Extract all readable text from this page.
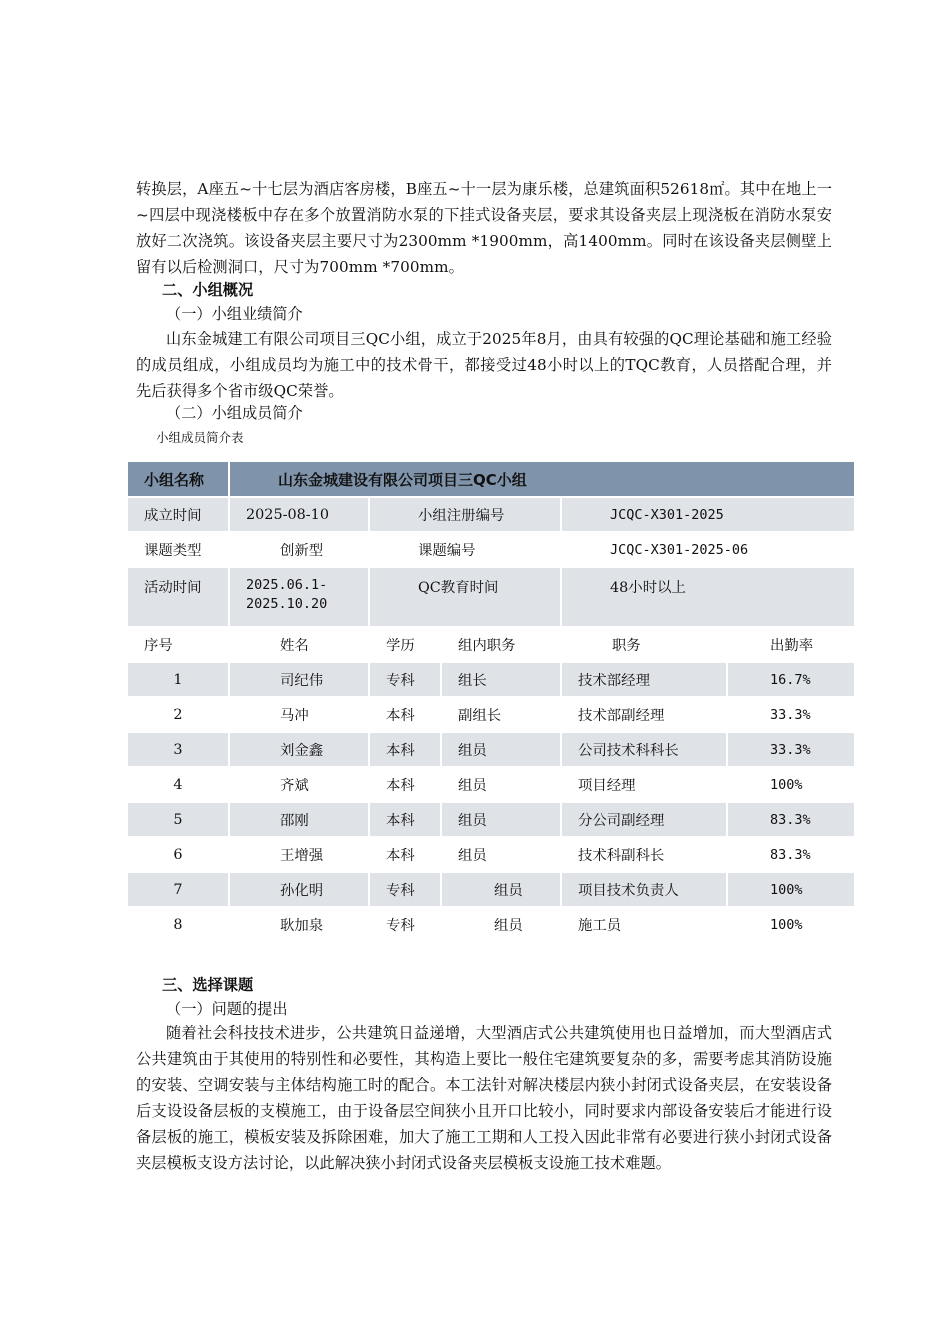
转换层，A座五~十七层为酒店客房楼，B座五~十一层为康乐楼，总建筑面积52618㎡。其中在地上一~四层中现浇楼板中存在多个放置消防水泵的下挂式设备夹层，要求其设备夹层上现浇板在消防水泵安放好二次浇筑。该设备夹层主要尺寸为2300mm *1900mm，高1400mm。同时在该设备夹层侧壁上留有以后检测洞口，尺寸为700mm *700mm。

二、小组概况
（一）小组业绩简介

山东金城建工有限公司项目三QC小组，成立于2025年8月，由具有较强的QC理论基础和施工经验的成员组成，小组成员均为施工中的技术骨干，都接受过48小时以上的TQC教育，人员搭配合理，并先后获得多个省市级QC荣誉。

（二）小组成员简介
小组成员简介表
小组名称	山东金城建设有限公司项目三QC小组				
成立时间	2025-08-10	小组注册编号		JCQC-X301-2025	
课题类型	创新型	课题编号		JCQC-X301-2025-06	
活动时间	2025.06.1-
2025.10.20	QC教育时间		48小时以上	
序号	姓名	学历	组内职务	职务	出勤率
1	司纪伟	专科	组长	技术部经理	16.7%
2	马冲	本科	副组长	技术部副经理	33.3%
3	刘金鑫	本科	组员	公司技术科科长	33.3%
4	齐斌	本科	组员	项目经理	100%
5	邵刚	本科	组员	分公司副经理	83.3%
6	王增强	本科	组员	技术科副科长	83.3%
7	孙化明	专科	组员	项目技术负责人	100%
8	耿加泉	专科	组员	施工员	100%
三、选择课题
（一）问题的提出

随着社会科技技术进步，公共建筑日益递增，大型酒店式公共建筑使用也日益增加，而大型酒店式公共建筑由于其使用的特别性和必要性，其构造上要比一般住宅建筑要复杂的多，需要考虑其消防设施的安装、空调安装与主体结构施工时的配合。本工法针对解决楼层内狭小封闭式设备夹层，在安装设备后支设设备层板的支模施工，由于设备层空间狭小且开口比较小，同时要求内部设备安装后才能进行设备层板的施工，模板安装及拆除困难，加大了施工工期和人工投入因此非常有必要进行狭小封闭式设备夹层模板支设方法讨论，以此解决狭小封闭式设备夹层模板支设施工技术难题。
